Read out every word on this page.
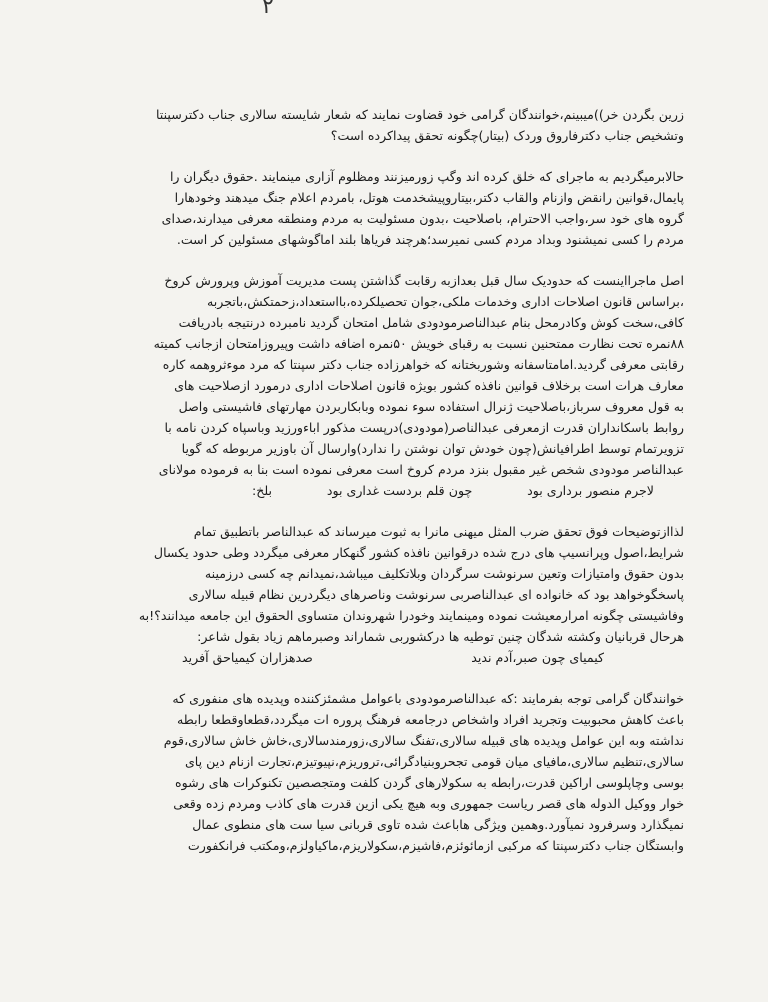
۲
زرین بگردن خر))میبینم،خوانندگان گرامی خود قضاوت نمایند که شعار شایسته سالاری جناب دکترسپنتا
وتشخیص جناب دکترفاروق وردک (بیتار)چگونه تحقق پیداکرده است؟
حالابرمیگردیم به ماجرای که خلق کرده اند وگپ زورمیزنند ومظلوم آزاری مینمایند .حقوق دیگران را
پایمال،قوانین رانقض وازنام والقاب دکتر،بیتاروپیشخدمت هوتل، بامردم اعلام جنگ میدهند وخودهارا
گروه های خود سر،واجب الاحترام، باصلاحیت ،بدون مسئولیت به مردم ومنطقه معرفی میدارند،صدای
مردم را کسی نمیشنود وبداد مردم کسی نمیرسد؛هرچند فریاها بلند اماگوشهای مسئولین کر است.
اصل ماجرااینست که حدودیک سال قبل بعدازبه رقابت گذاشتن پست مدیریت آموزش وپرورش کروخ
،براساس قانون اصلاحات اداری وخدمات ملکی،جوان تحصیلکرده،بااستعداد،زحمتکش،باتجربه
کافی،سخت کوش وکادرمحل بنام عبدالناصرمودودی شامل امتحان گردید نامبرده درنتیجه بادریافت
۸۸نمره تحت نظارت ممتحنین نسبت به رقبای خویش ۵۰نمره اضافه داشت وپیروزامتحان ازجانب کمیته
رقابتی معرفی گردید.امامتاسفانه وشوربختانه که خواهرزاده جناب دکتر سپنتا که مرد موءثروهمه کاره
معارف هرات است برخلاف قوانین نافذه کشور بویژه قانون اصلاحات اداری درمورد ازصلاحیت های
به قول معروف سرباز،باصلاحیت ژنرال استفاده سوء نموده وبابکاربردن مهارتهای فاشیستی واصل
روابط باسکانداران قدرت ازمعرفی عبدالناصر(مودودی)درپست مذکور اباءورزید وباسپاه کردن نامه با
تزویرتمام توسط اطرافیانش(چون خودش توان نوشتن را ندارد)وارسال آن باوزیر مربوطه که گویا
عبدالناصر مودودی شخص غیر مقبول بنزد مردم کروخ است معرفی نموده است بنا به فرموده مولانای
لاجرم منصور برداری بود
چون قلم بردست غداری بود
بلخ:
لذاازتوضیحات فوق تحقق ضرب المثل میهنی مانرا به ثبوت میرساند که عبدالناصر باتطبیق تمام
شرایط،اصول وپرانسیپ های درج شده درقوانین نافذه کشور گنهکار معرفی میگردد وطی حدود یکسال
بدون حقوق وامتیازات وتعین سرنوشت سرگردان وبلاتکلیف میباشد،نمیدانم چه کسی درزمینه
پاسخگوخواهد بود که خانواده ای عبدالناصربی سرنوشت وناصرهای دیگردرین نظام قبیله سالاری
وفاشیستی چگونه امرارمعیشت نموده ومینمایند وخودرا شهروندان متساوی الحقوق این جامعه میدانند؟!به
هرحال قربانیان وکشته شدگان چنین توطیه ها درکشوربی شماراند وصبرماهم زیاد بقول شاعر:
کیمیای چون صبر،آدم ندید
صدهزاران کیمیاحق آفرید
خوانندگان گرامی توجه بفرمایند :که عبدالناصرمودودی باعوامل مشمئزکننده وپدیده های منفوری که
باعث کاهش محبوبیت وتجرید افراد واشخاص درجامعه فرهنگ پروره ات میگردد،قطعاوقطعا رابطه
نداشته وبه این عوامل وپدیده های قبیله سالاری،تفنگ سالاری،زورمندسالاری،خاش خاش سالاری،قوم
سالاری،تنظیم سالاری،مافیای میان قومی تجحروبنیادگرائی،تروریزم،نپیوتیزم،تجارت ازنام دین پای
بوسی وچاپلوسی اراکین قدرت،رابطه به سکولارهای گردن کلفت ومتجصصین تکنوکرات های رشوه
خوار ووکیل الدوله های قصر ریاست جمهوری وبه هیچ یکی ازین قدرت های کاذب ومردم زده وقعی
نمیگذارد وسرفرود نمیآورد.وهمین ویژگی هاباعث شده تاوی قربانی سیا ست های منطوی عمال
وابستگان جناب دکترسپنتا که مرکبی ازمائوئزم،فاشیزم،سکولاریزم،ماکیاولزم،ومکتب فرانکفورت
